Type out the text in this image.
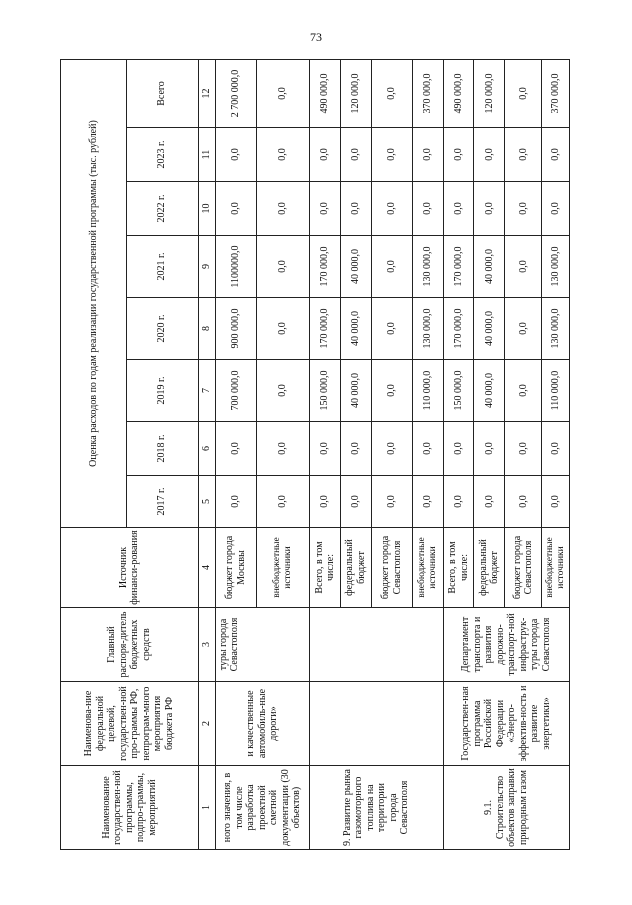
73
Наименование государствен-ной программы, подпро-граммы, мероприятий	Наименова-ние федеральной целевой, государствен-ной про-граммы РФ, непрограм-много мероприятия бюджета РФ	Главный распоря-дитель бюджетных средств	Источник финанси-рования	Оценка расходов по годам реализации государственной программы (тыс. рублей)							
				2017 г.	2018 г.	2019 г.	2020 г.	2021 г.	2022 г.	2023 г.	Всего
1	2	3	4	5	6	7	8	9	10	11	12
ного значения, в том числе разработка проектной сметной документации (30 объектов)	и качественные автомобиль-ные дороги»	туры города Севастополя	бюджет города Москвы	0,0	0,0	700 000,0	900 000,0	1100000,0	0,0	0,0	2 700 000,0
			внебюджетные источники	0,0	0,0	0,0	0,0	0,0	0,0	0,0	0,0
9. Развитие рынка газомоторного топлива на территории города Севастополя			Всего, в том числе:	0,0	0,0	150 000,0	170 000,0	170 000,0	0,0	0,0	490 000,0
			федеральный бюджет	0,0	0,0	40 000,0	40 000,0	40 000,0	0,0	0,0	120 000,0
			бюджет города Севастополя	0,0	0,0	0,0	0,0	0,0	0,0	0,0	0,0
			внебюджетные источники	0,0	0,0	110 000,0	130 000,0	130 000,0	0,0	0,0	370 000,0
9.1. Строительство объектов заправки природным газом	Государствен-ная программа Российской Федерации «Энерго-эффектив-ность и развитие энергетики»	Департамент транспорта и развития дорожно-транспорт-ной инфраструк-туры города Севастополя	Всего, в том числе:	0,0	0,0	150 000,0	170 000,0	170 000,0	0,0	0,0	490 000,0
			федеральный бюджет	0,0	0,0	40 000,0	40 000,0	40 000,0	0,0	0,0	120 000,0
			бюджет города Севастополя	0,0	0,0	0,0	0,0	0,0	0,0	0,0	0,0
			внебюджетные источники	0,0	0,0	110 000,0	130 000,0	130 000,0	0,0	0,0	370 000,0
